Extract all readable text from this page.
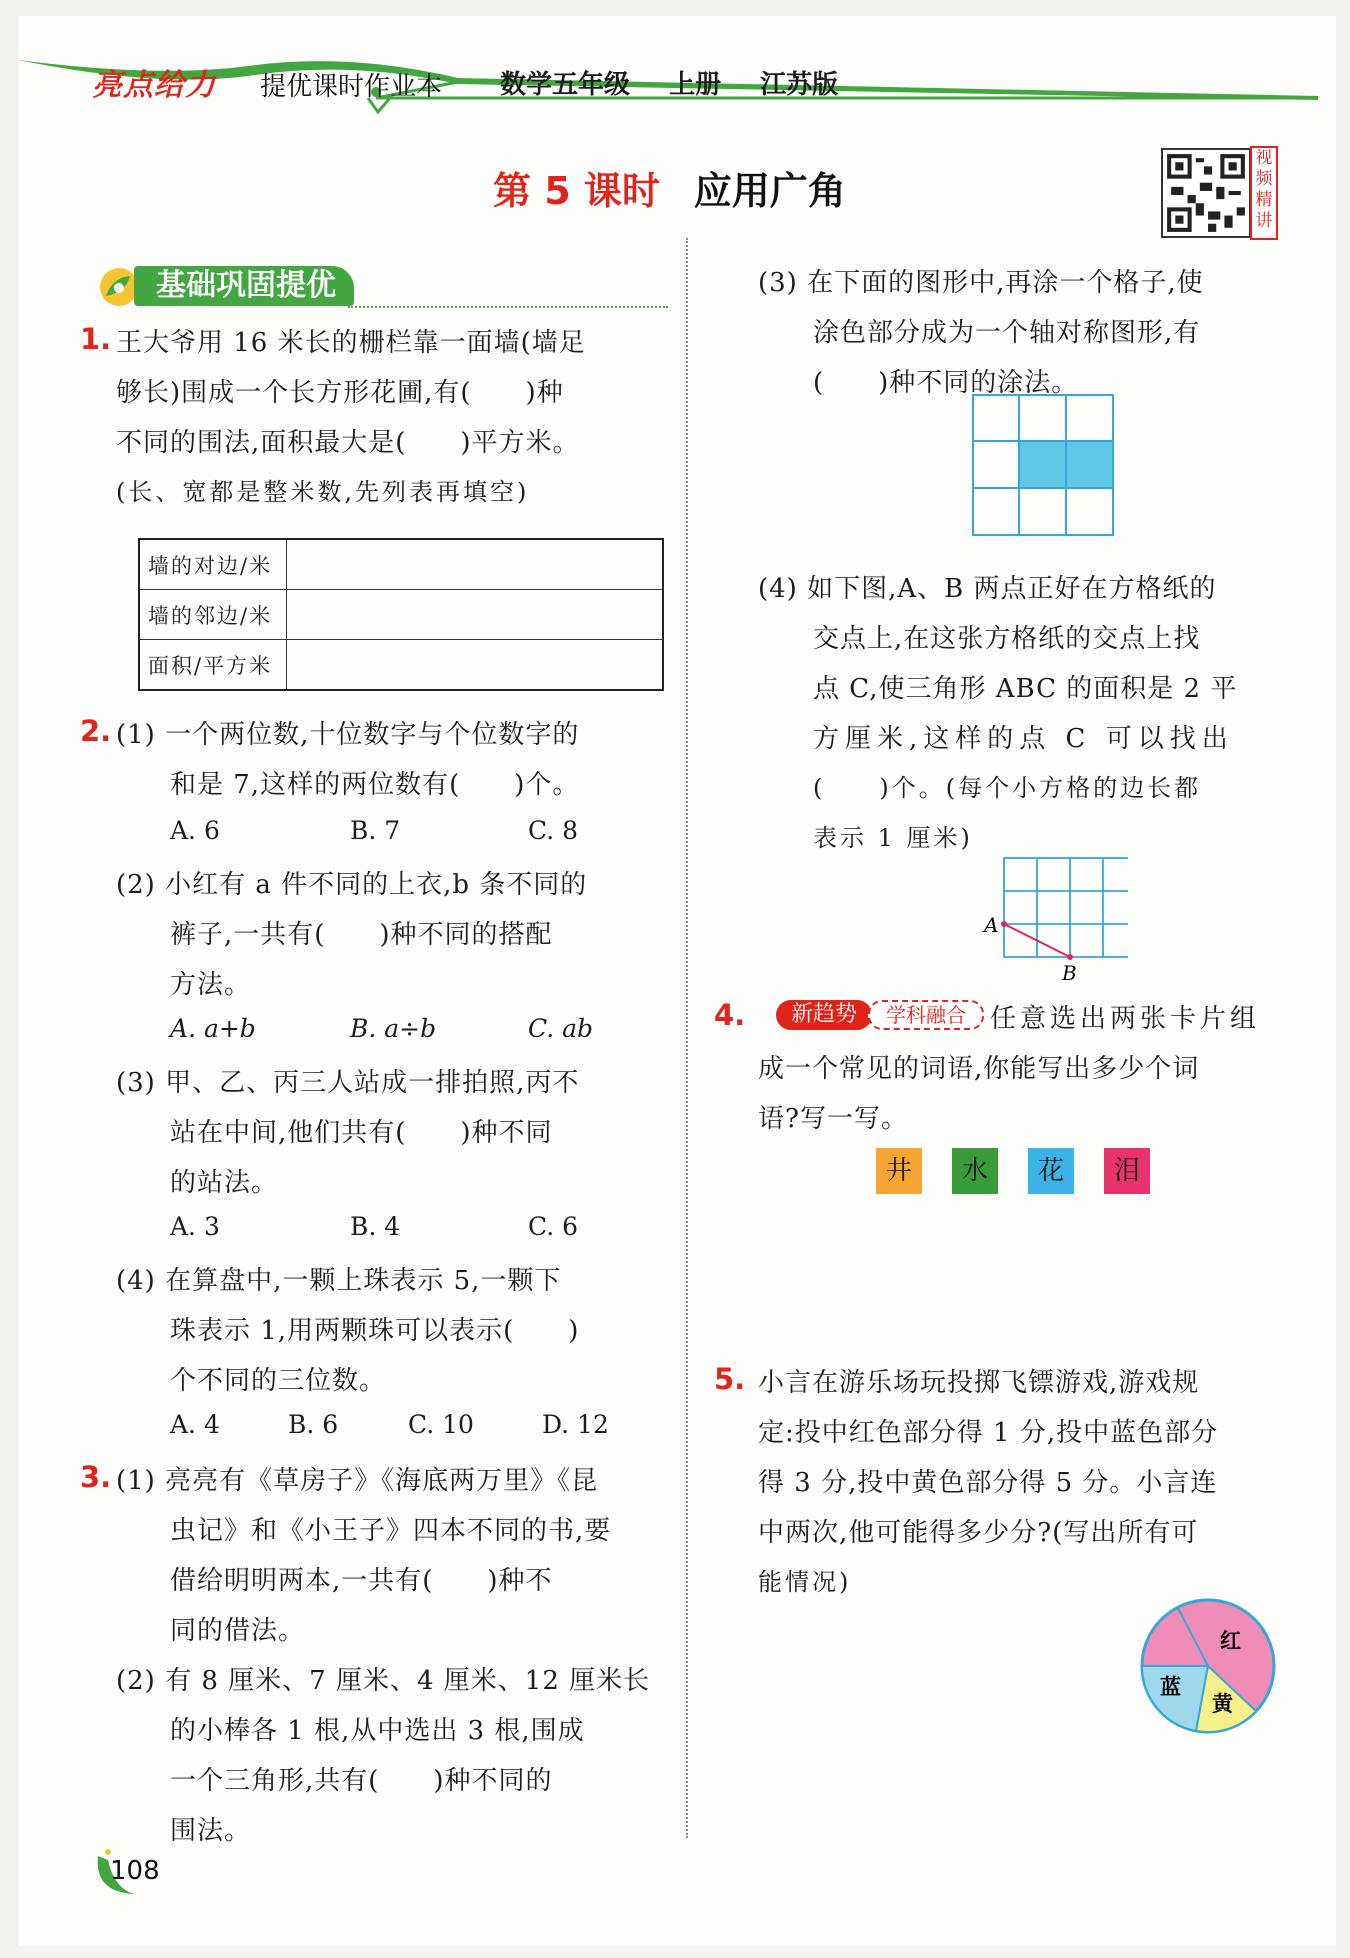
亮点给力 提优课时作业本 数学五年级 上册 江苏版
第 5 课时 应用广角
视频精讲
基础巩固提优
1. 王大爷用 16 米长的栅栏靠一面墙(墙足
够长)围成一个长方形花圃,有(　　)种
不同的围法,面积最大是(　　)平方米。
(长、宽都是整米数,先列表再填空)
墙的对边/米	
墙的邻边/米	
面积/平方米	
2. (1) 一个两位数,十位数字与个位数字的
和是 7,这样的两位数有(　　)个。
A. 6	B. 7	C. 8
(2) 小红有 a 件不同的上衣,b 条不同的
裤子,一共有(　　)种不同的搭配
方法。
A. a+b	B. a÷b	C. ab
(3) 甲、乙、丙三人站成一排拍照,丙不
站在中间,他们共有(　　)种不同
的站法。
A. 3	B. 4	C. 6
(4) 在算盘中,一颗上珠表示 5,一颗下
珠表示 1,用两颗珠可以表示(　　)
个不同的三位数。
A. 4	B. 6	C. 10	D. 12
3. (1) 亮亮有《草房子》《海底两万里》《昆
虫记》和《小王子》四本不同的书,要
借给明明两本,一共有(　　)种不
同的借法。
(2) 有 8 厘米、7 厘米、4 厘米、12 厘米长
的小棒各 1 根,从中选出 3 根,围成
一个三角形,共有(　　)种不同的
围法。
(3) 在下面的图形中,再涂一个格子,使
涂色部分成为一个轴对称图形,有
(　　)种不同的涂法。
(4) 如下图,A、B 两点正好在方格纸的
交点上,在这张方格纸的交点上找
点 C,使三角形 ABC 的面积是 2 平
方厘米,这样的点 C 可以找出
(　　)个。(每个小方格的边长都
表示 1 厘米)
A
B
4.	新趋势	学科融合 任意选出两张卡片组
成一个常见的词语,你能写出多少个词
语?写一写。
井	水	花	泪
5. 小言在游乐场玩投掷飞镖游戏,游戏规
定:投中红色部分得 1 分,投中蓝色部分
得 3 分,投中黄色部分得 5 分。小言连
中两次,他可能得多少分?(写出所有可
能情况)
红
蓝
黄
108
